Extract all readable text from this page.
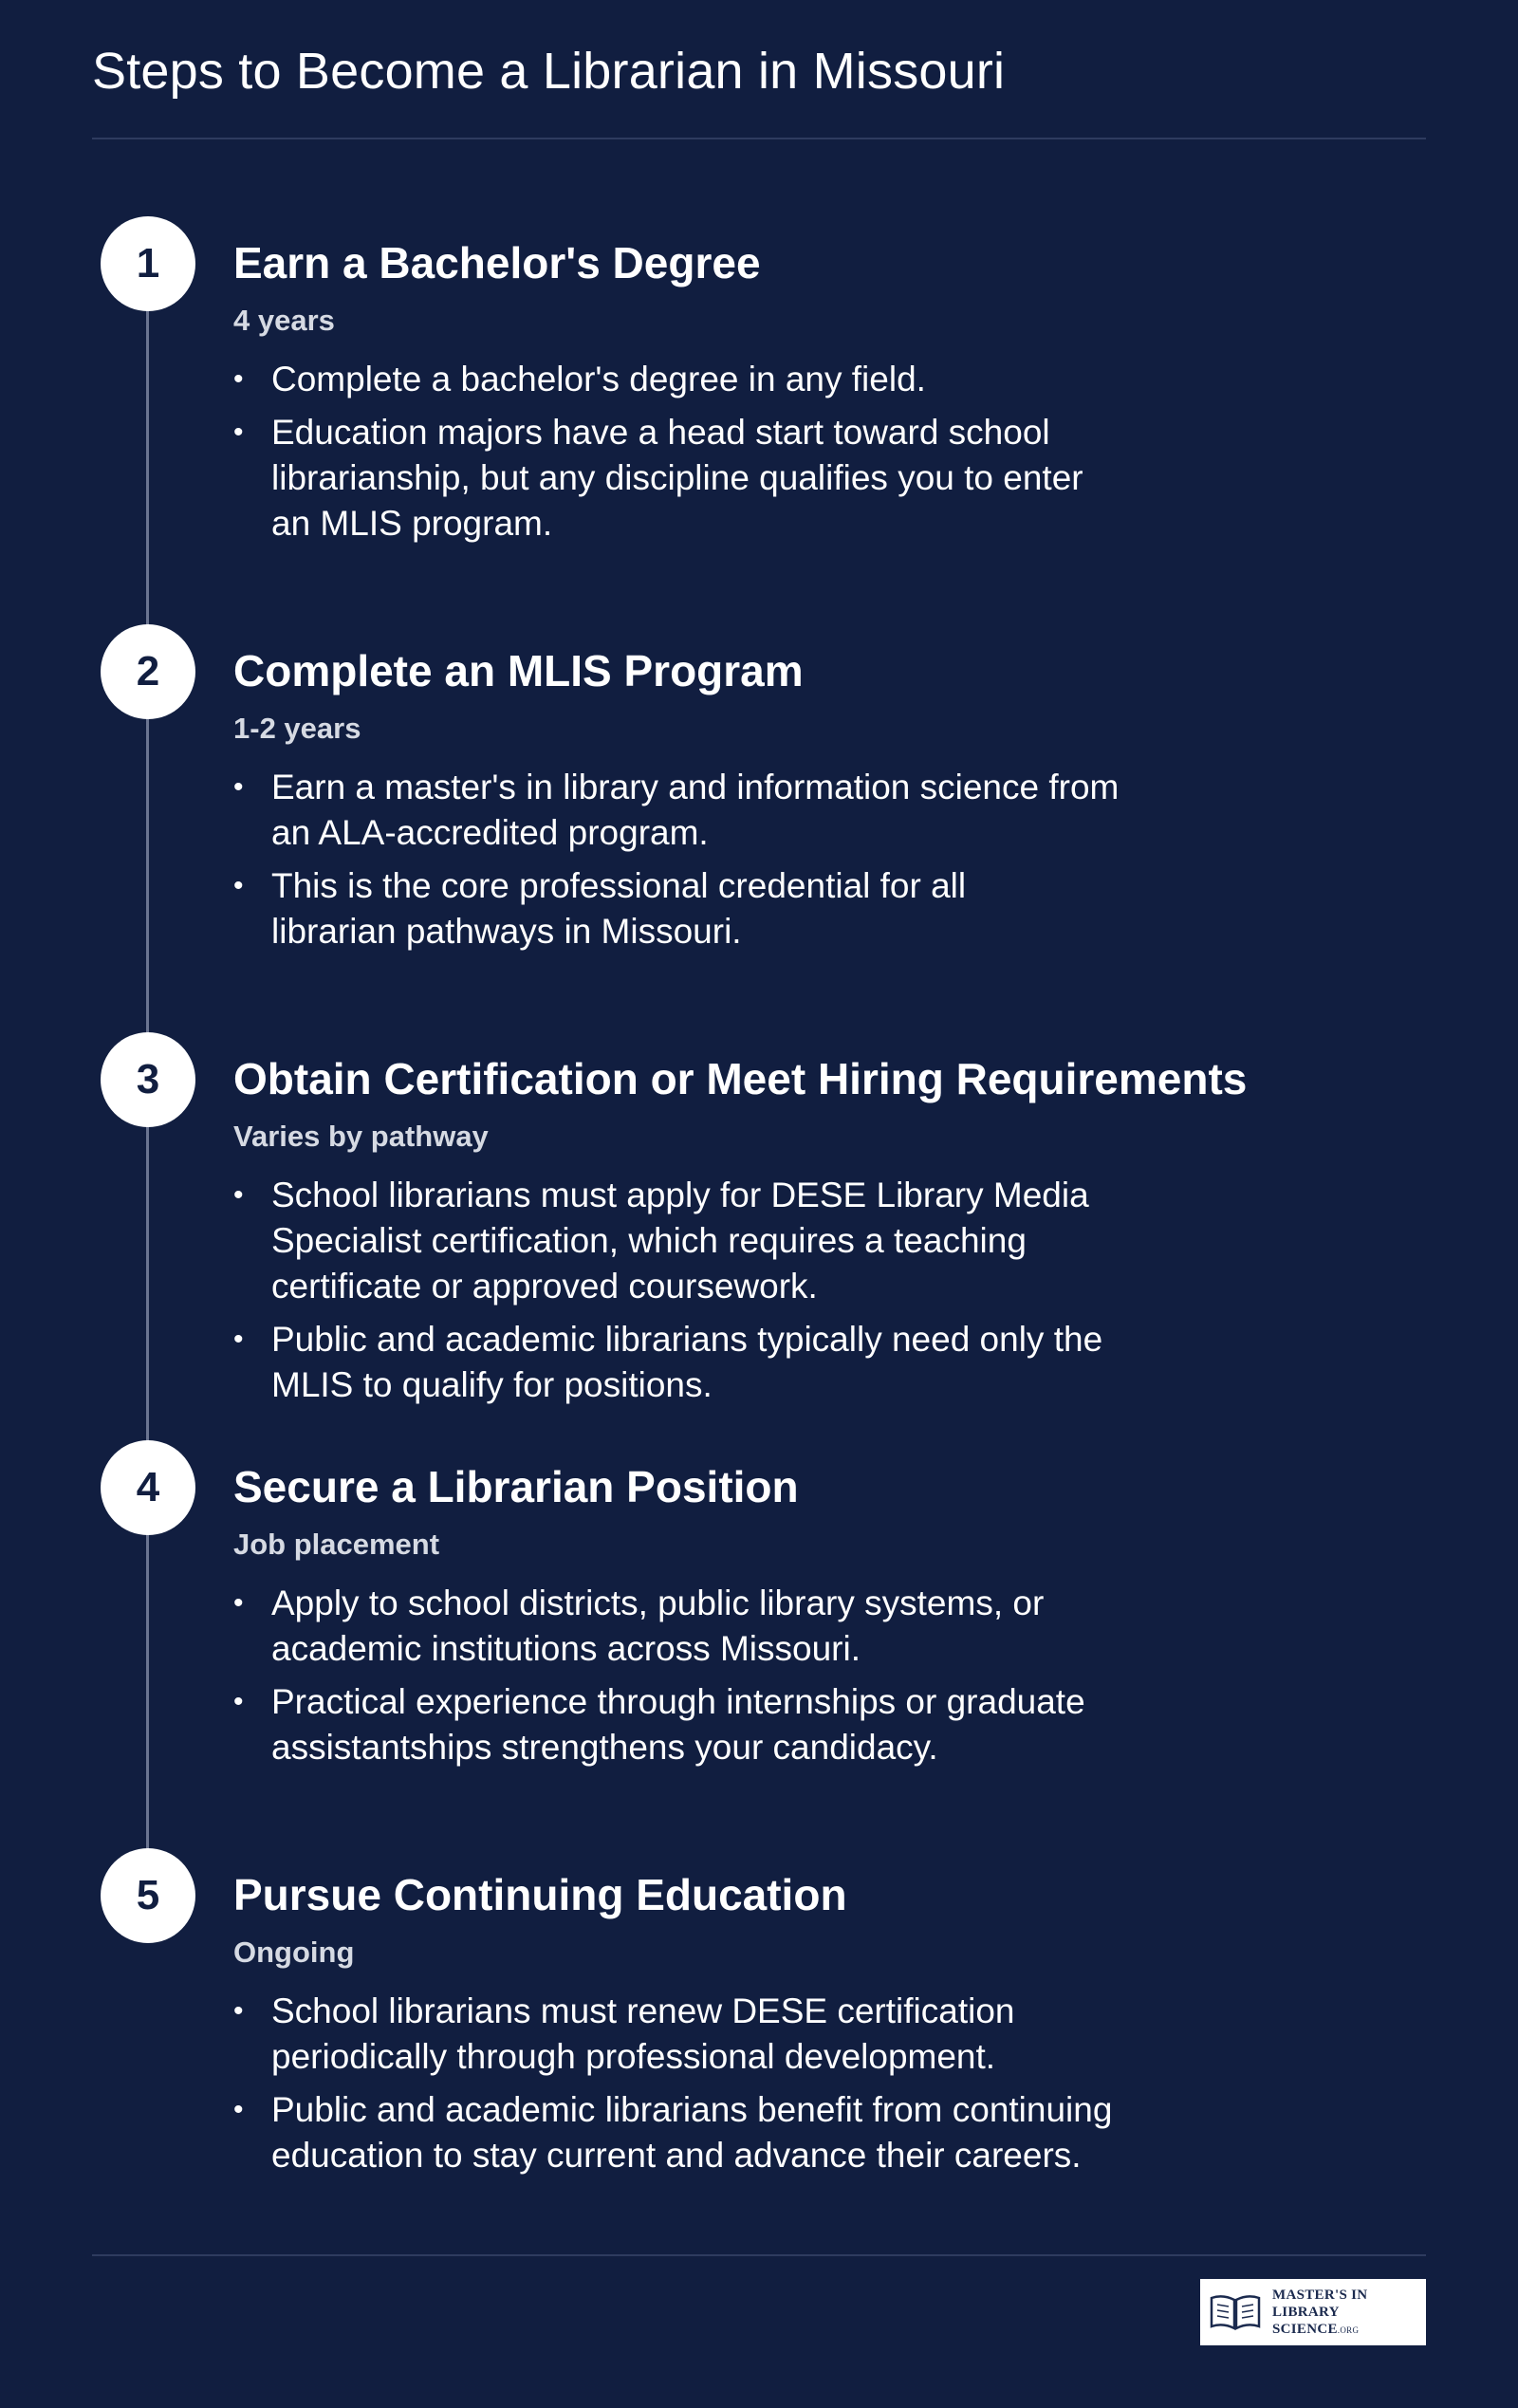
Steps to Become a Librarian in Missouri
1	Earn a Bachelor's Degree
4 years
• Complete a bachelor's degree in any field.
• Education majors have a head start toward school librarianship, but any discipline qualifies you to enter an MLIS program.
2	Complete an MLIS Program
1-2 years
• Earn a master's in library and information science from an ALA-accredited program.
• This is the core professional credential for all librarian pathways in Missouri.
3	Obtain Certification or Meet Hiring Requirements
Varies by pathway
• School librarians must apply for DESE Library Media Specialist certification, which requires a teaching certificate or approved coursework.
• Public and academic librarians typically need only the MLIS to qualify for positions.
4	Secure a Librarian Position
Job placement
• Apply to school districts, public library systems, or academic institutions across Missouri.
• Practical experience through internships or graduate assistantships strengthens your candidacy.
5	Pursue Continuing Education
Ongoing
• School librarians must renew DESE certification periodically through professional development.
• Public and academic librarians benefit from continuing education to stay current and advance their careers.
MASTER'S IN
LIBRARY SCIENCE.ORG
